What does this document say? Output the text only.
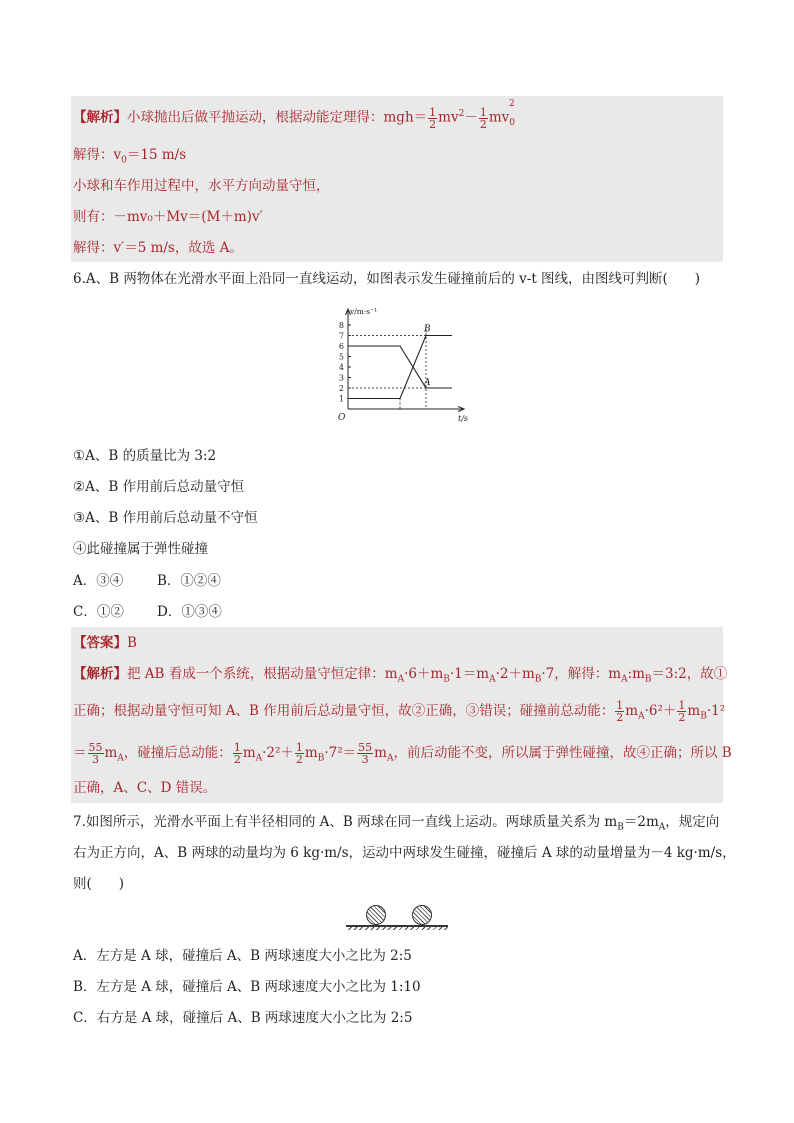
【解析】小球抛出后做平抛运动，根据动能定理得：$mgh= \frac{1}{2} mv^2- \frac{1}{2} mv_0^2$
解得：$v_0=15$ m/s
小球和车作用过程中，水平方向动量守恒，
则有：－mv₀＋Mv＝(M＋m)v′
解得：v′＝5 m/s，故选 A。
6.A、B 两物体在光滑水平面上沿同一直线运动，如图表示发生碰撞前后的 v-t 图线，由图线可判断(　　)
1
2
3
4
5
6
7
8
A
B
v/m·s⁻¹
t/s
O
①A、B 的质量比为 3:2
②A、B 作用前后总动量守恒
③A、B 作用前后总动量不守恒
④此碰撞属于弹性碰撞
A．③④	B．①②④
C．①② D．①③④
【答案】B
【解析】把 AB 看成一个系统，根据动量守恒定律：$m_A\cdot 6+m_B\cdot 1=m_A\cdot 2+m_B\cdot 7$，解得：$m_A:m_B=3:2$，故①
正确；根据动量守恒可知 A、B 作用前后总动量守恒，故②正确，③错误；碰撞前总动能： $\frac{1}{2} m_A\cdot 6^2+ \frac{1}{2} m_B\cdot 1^2$
＝ $\frac{55}{3} m_A$，碰撞后总动能： $\frac{1}{2} m_A\cdot 2^2+ \frac{1}{2} m_B\cdot 7^2= \frac{55}{3} m_A$，前后动能不变，所以属于弹性碰撞，故④正确；所以 B
正确，A、C、D 错误。
7.如图所示，光滑水平面上有半径相同的 A、B 两球在同一直线上运动。两球质量关系为 $m_B=2m_A$，规定向
右为正方向，A、B 两球的动量均为 6 kg·m/s，运动中两球发生碰撞，碰撞后 A 球的动量增量为－4 kg·m/s，
则(　　)
A．左方是 A 球，碰撞后 A、B 两球速度大小之比为 2:5
B．左方是 A 球，碰撞后 A、B 两球速度大小之比为 1:10
C．右方是 A 球，碰撞后 A、B 两球速度大小之比为 2:5
